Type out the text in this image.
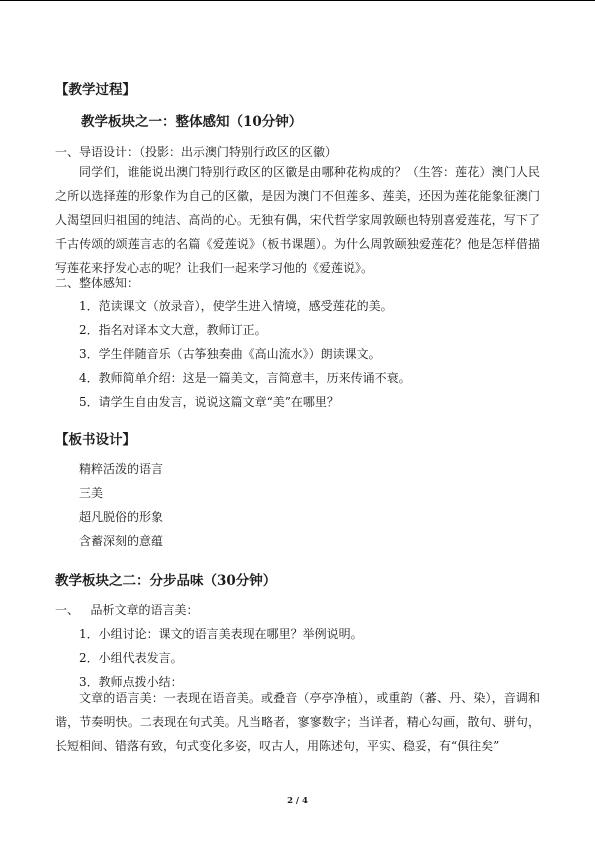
【教学过程】
教学板块之一：整体感知（10分钟）
一、导语设计：（投影：出示澳门特别行政区的区徽）
同学们，谁能说出澳门特别行政区的区徽是由哪种花构成的？（生答：莲花）澳门人民之所以选择莲的形象作为自己的区徽，是因为澳门不但莲多、莲美，还因为莲花能象征澳门人渴望回归祖国的纯洁、高尚的心。无独有偶，宋代哲学家周敦颐也特别喜爱莲花，写下了千古传颂的颂莲言志的名篇《爱莲说》（板书课题）。为什么周敦颐独爱莲花？他是怎样借描写莲花来抒发心志的呢？让我们一起来学习他的《爱莲说》。
二、整体感知：
1．范读课文（放录音），使学生进入情境，感受莲花的美。
2．指名对译本文大意，教师订正。
3．学生伴随音乐（古筝独奏曲《高山流水》）朗读课文。
4．教师简单介绍：这是一篇美文，言简意丰，历来传诵不衰。
5．请学生自由发言，说说这篇文章“美”在哪里？
【板书设计】
精粹活泼的语言
三美
超凡脱俗的形象
含蓄深刻的意蕴
教学板块之二：分步品味（30分钟）
一、   品析文章的语言美：
1．小组讨论：课文的语言美表现在哪里？举例说明。
2．小组代表发言。
3．教师点拨小结：
文章的语言美：一表现在语音美。或叠音（亭亭净植），或重韵（蕃、丹、染），音调和谐，节奏明快。二表现在句式美。凡当略者，寥寥数字；当详者，精心勾画，散句、骈句，长短相间、错落有致，句式变化多姿，叹古人，用陈述句，平实、稳妥，有“俱往矣”
2 / 4
